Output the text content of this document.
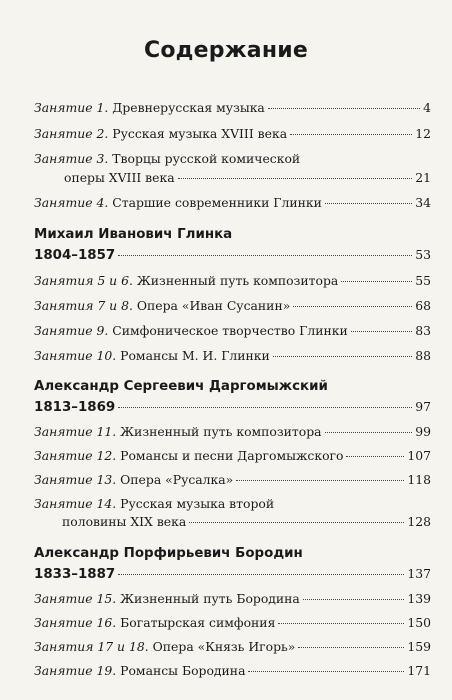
Содержание
Занятие 1. Древнерусская музыка	4
Занятие 2. Русская музыка XVIII века	12
Занятие 3. Творцы русской комической
оперы XVIII века	21
Занятие 4. Старшие современники Глинки	34
Михаил Иванович Глинка
1804–1857	53
Занятия 5 и 6. Жизненный путь композитора	55
Занятия 7 и 8. Опера «Иван Сусанин»	68
Занятие 9. Симфоническое творчество Глинки	83
Занятие 10. Романсы М. И. Глинки	88
Александр Сергеевич Даргомыжский
1813–1869	97
Занятие 11. Жизненный путь композитора	99
Занятие 12. Романсы и песни Даргомыжского	107
Занятие 13. Опера «Русалка»	118
Занятие 14. Русская музыка второй
половины XIX века	128
Александр Порфирьевич Бородин
1833–1887	137
Занятие 15. Жизненный путь Бородина	139
Занятие 16. Богатырская симфония	150
Занятия 17 и 18. Опера «Князь Игорь»	159
Занятие 19. Романсы Бородина	171
